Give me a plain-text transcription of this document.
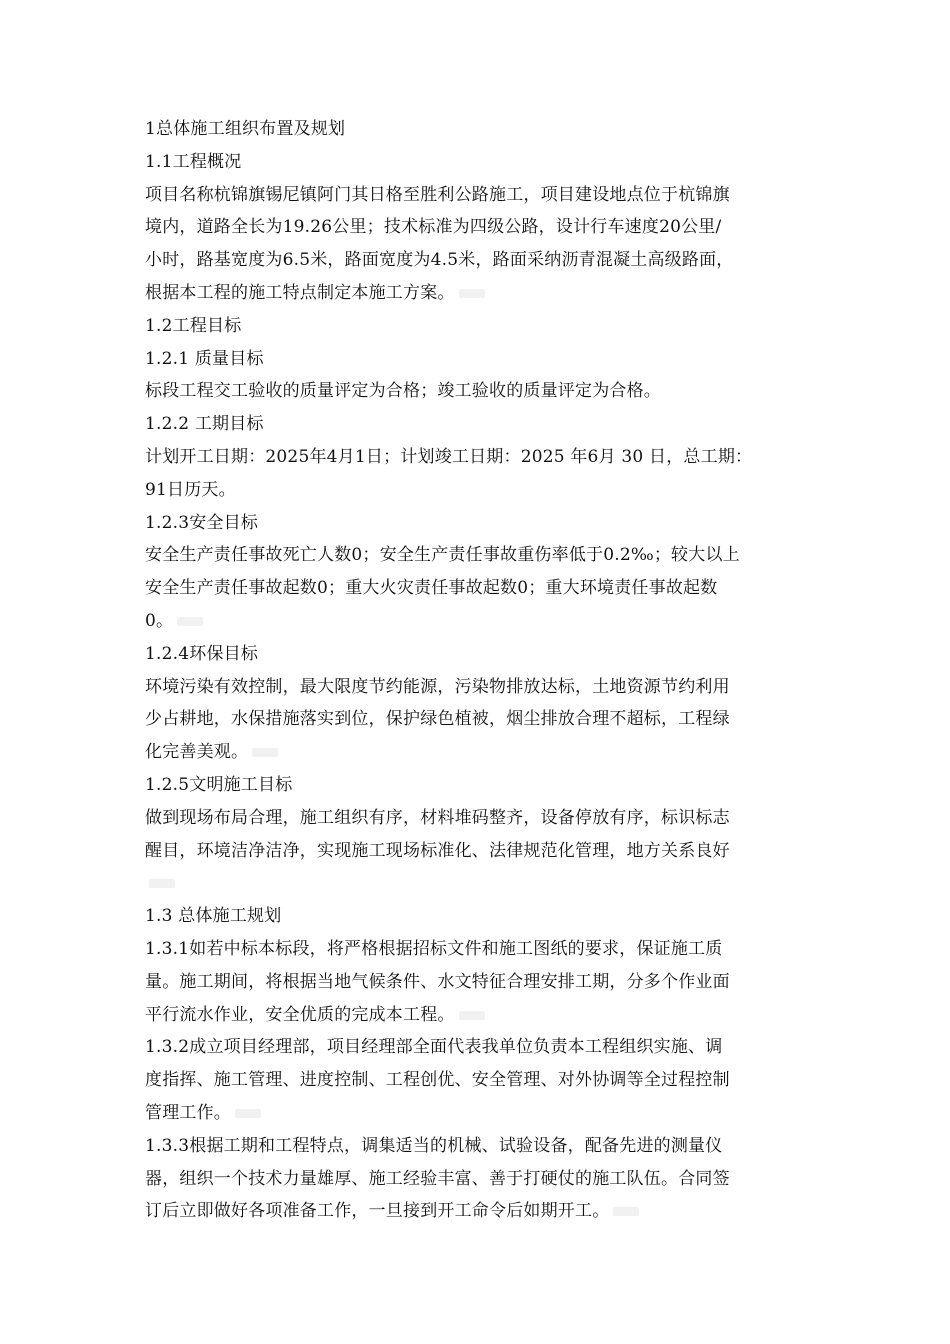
1总体施工组织布置及规划
1.1工程概况
项目名称杭锦旗锡尼镇阿门其日格至胜利公路施工，项目建设地点位于杭锦旗
境内，道路全长为19.26公里；技术标准为四级公路，设计行车速度20公里/
小时，路基宽度为6.5米，路面宽度为4.5米，路面采纳沥青混凝土高级路面，
根据本工程的施工特点制定本施工方案。
1.2工程目标
1.2.1 质量目标
标段工程交工验收的质量评定为合格；竣工验收的质量评定为合格。
1.2.2 工期目标
计划开工日期：2025年4月1日；计划竣工日期：2025 年6月 30 日，总工期：
91日历天。
1.2.3安全目标
安全生产责任事故死亡人数0；安全生产责任事故重伤率低于0.2‰；较大以上
安全生产责任事故起数0；重大火灾责任事故起数0；重大环境责任事故起数
0。
1.2.4环保目标
环境污染有效控制，最大限度节约能源，污染物排放达标，土地资源节约利用
少占耕地，水保措施落实到位，保护绿色植被，烟尘排放合理不超标，工程绿
化完善美观。
1.2.5文明施工目标
做到现场布局合理，施工组织有序，材料堆码整齐，设备停放有序，标识标志
醒目，环境洁净洁净，实现施工现场标准化、法律规范化管理，地方关系良好
1.3 总体施工规划
1.3.1如若中标本标段，将严格根据招标文件和施工图纸的要求，保证施工质
量。施工期间，将根据当地气候条件、水文特征合理安排工期，分多个作业面
平行流水作业，安全优质的完成本工程。
1.3.2成立项目经理部，项目经理部全面代表我单位负责本工程组织实施、调
度指挥、施工管理、进度控制、工程创优、安全管理、对外协调等全过程控制
管理工作。
1.3.3根据工期和工程特点，调集适当的机械、试验设备，配备先进的测量仪
器，组织一个技术力量雄厚、施工经验丰富、善于打硬仗的施工队伍。合同签
订后立即做好各项准备工作，一旦接到开工命令后如期开工。
